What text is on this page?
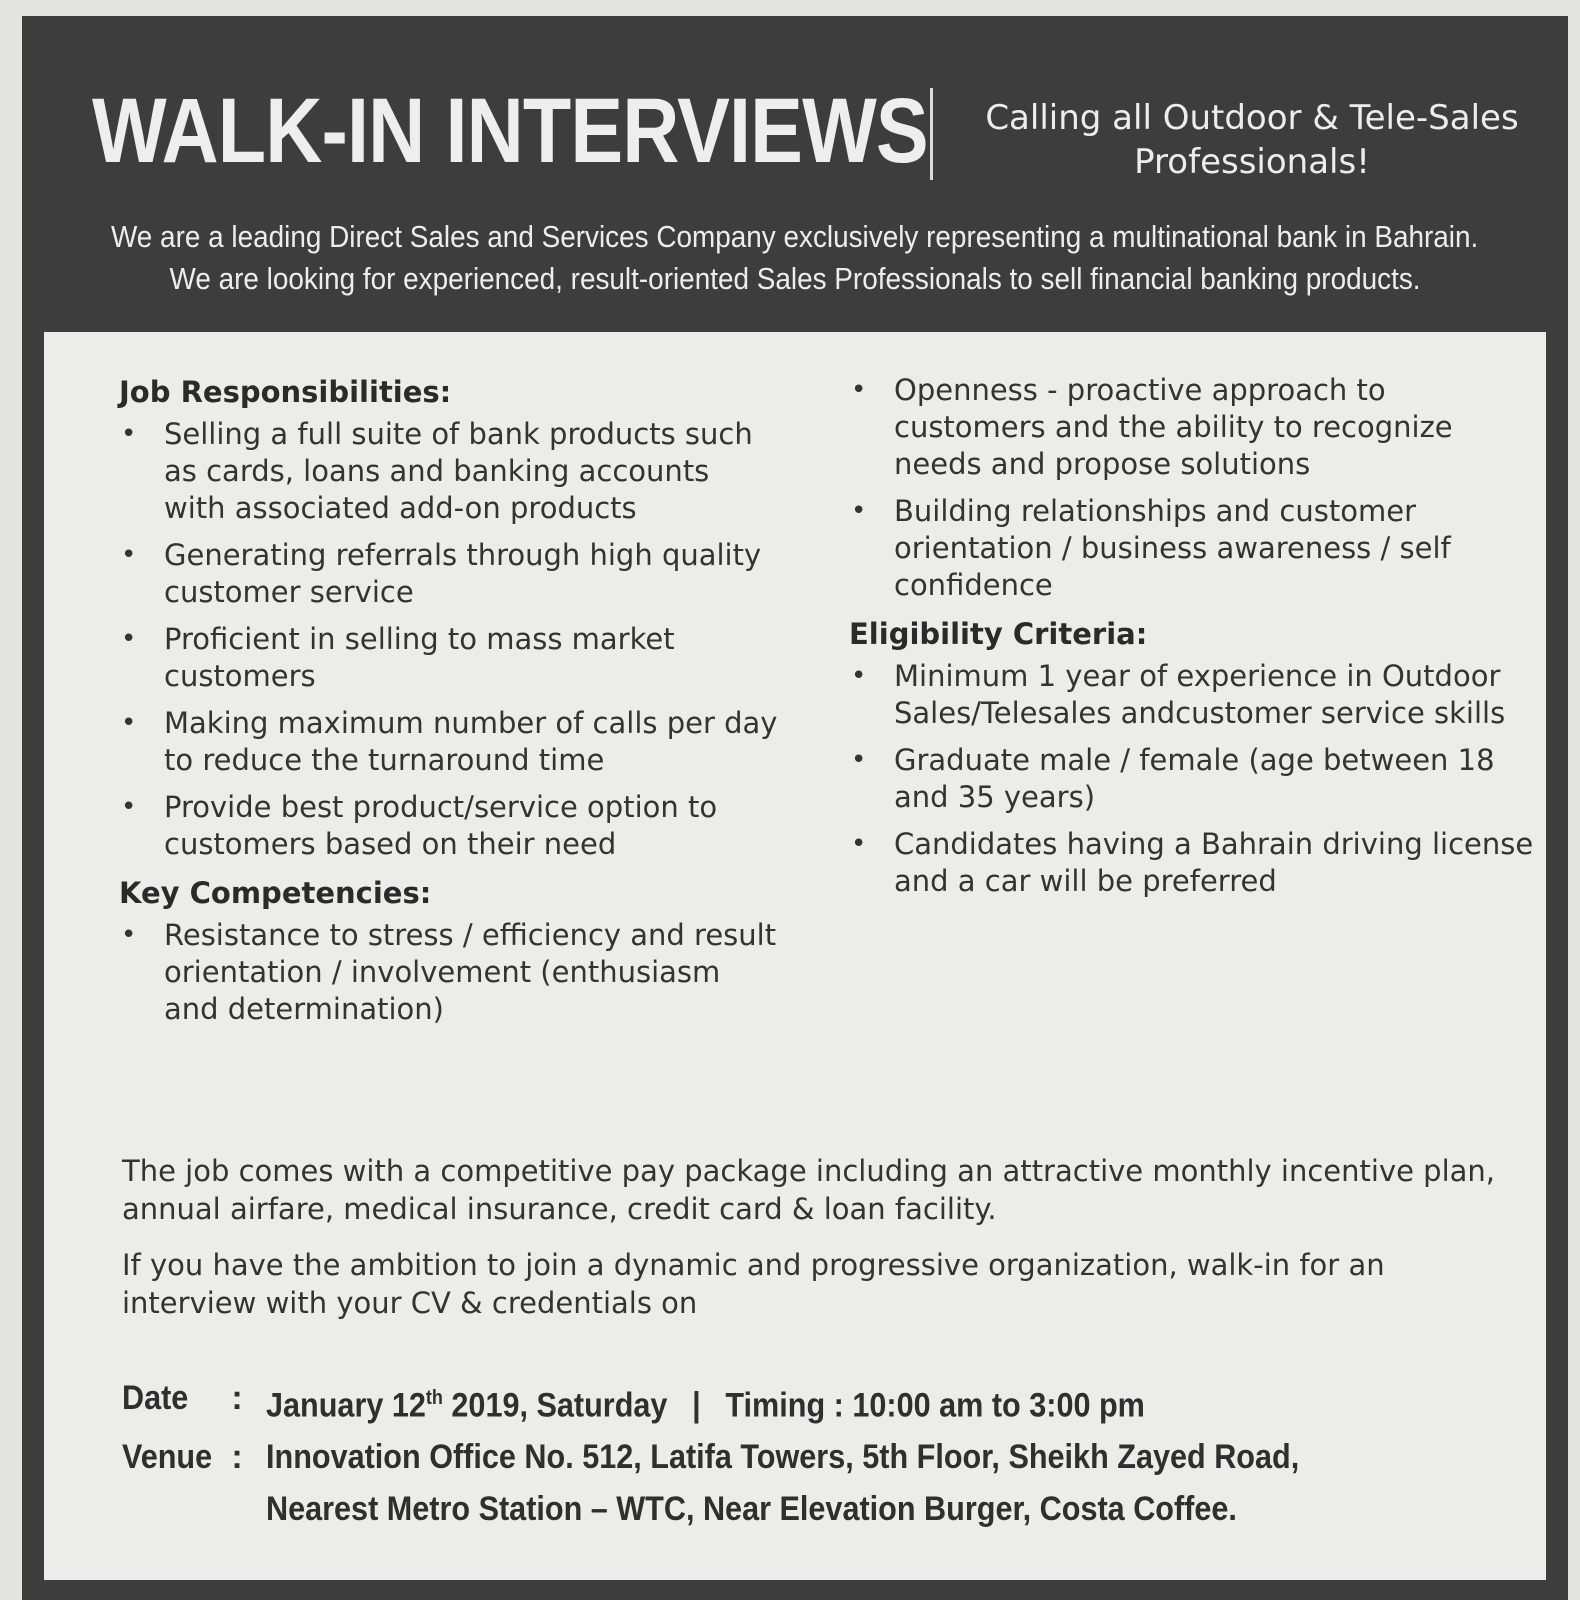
WALK-IN INTERVIEWS	Calling all Outdoor & Tele-Sales
Professionals!
We are a leading Direct Sales and Services Company exclusively representing a multinational bank in Bahrain.
We are looking for experienced, result-oriented Sales Professionals to sell financial banking products.
Job Responsibilities:
• Selling a full suite of bank products such as cards, loans and banking accounts with associated add-on products
• Generating referrals through high quality customer service
• Proficient in selling to mass market customers
• Making maximum number of calls per day to reduce the turnaround time
• Provide best product/service option to customers based on their need
Key Competencies:
• Resistance to stress / efficiency and result orientation / involvement (enthusiasm and determination)
• Openness - proactive approach to customers and the ability to recognize needs and propose solutions
• Building relationships and customer orientation / business awareness / self confidence
Eligibility Criteria:
• Minimum 1 year of experience in Outdoor Sales/Telesales andcustomer service skills
• Graduate male / female (age between 18 and 35 years)
• Candidates having a Bahrain driving license and a car will be preferred

The job comes with a competitive pay package including an attractive monthly incentive plan, annual airfare, medical insurance, credit card & loan facility.

If you have the ambition to join a dynamic and progressive organization, walk-in for an interview with your CV & credentials on

Date	: January 12th 2019, Saturday | Timing : 10:00 am to 3:00 pm
Venue : Innovation Office No. 512, Latifa Towers, 5th Floor, Sheikh Zayed Road, Nearest Metro Station – WTC, Near Elevation Burger, Costa Coffee.
